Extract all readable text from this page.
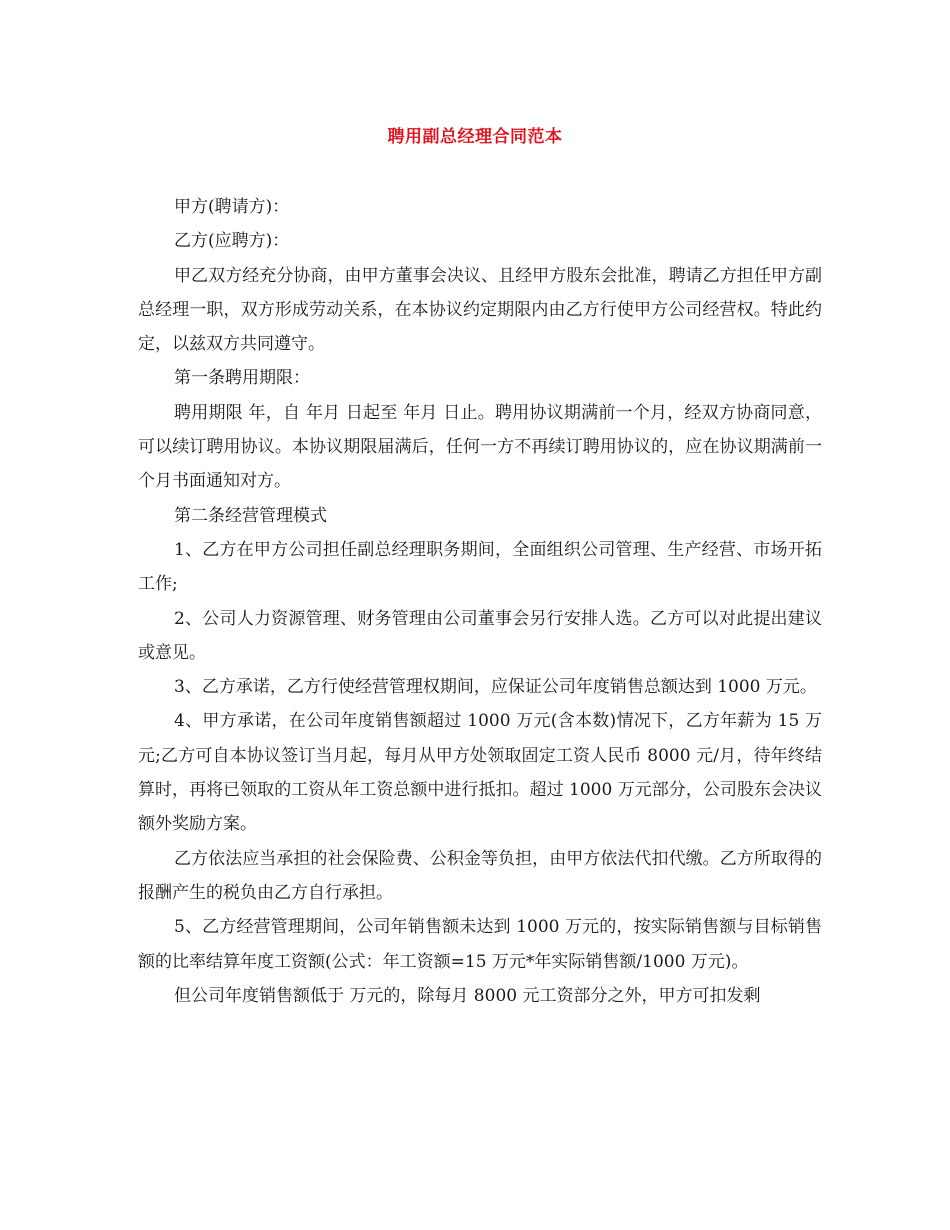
聘用副总经理合同范本

甲方(聘请方)：

乙方(应聘方)：

甲乙双方经充分协商，由甲方董事会决议、且经甲方股东会批准，聘请乙方担任甲方副总经理一职，双方形成劳动关系，在本协议约定期限内由乙方行使甲方公司经营权。特此约定，以兹双方共同遵守。

第一条聘用期限：

聘用期限 年，自 年月 日起至 年月 日止。聘用协议期满前一个月，经双方协商同意，可以续订聘用协议。本协议期限届满后，任何一方不再续订聘用协议的，应在协议期满前一个月书面通知对方。

第二条经营管理模式

1、乙方在甲方公司担任副总经理职务期间，全面组织公司管理、生产经营、市场开拓工作;

2、公司人力资源管理、财务管理由公司董事会另行安排人选。乙方可以对此提出建议或意见。

3、乙方承诺，乙方行使经营管理权期间，应保证公司年度销售总额达到 1000 万元。

4、甲方承诺，在公司年度销售额超过 1000 万元(含本数)情况下，乙方年薪为 15 万元;乙方可自本协议签订当月起，每月从甲方处领取固定工资人民币 8000 元/月，待年终结算时，再将已领取的工资从年工资总额中进行抵扣。超过 1000 万元部分，公司股东会决议额外奖励方案。

乙方依法应当承担的社会保险费、公积金等负担，由甲方依法代扣代缴。乙方所取得的报酬产生的税负由乙方自行承担。

5、乙方经营管理期间，公司年销售额未达到 1000 万元的，按实际销售额与目标销售额的比率结算年度工资额(公式：年工资额=15 万元*年实际销售额/1000 万元)。

但公司年度销售额低于 万元的，除每月 8000 元工资部分之外，甲方可扣发剩
